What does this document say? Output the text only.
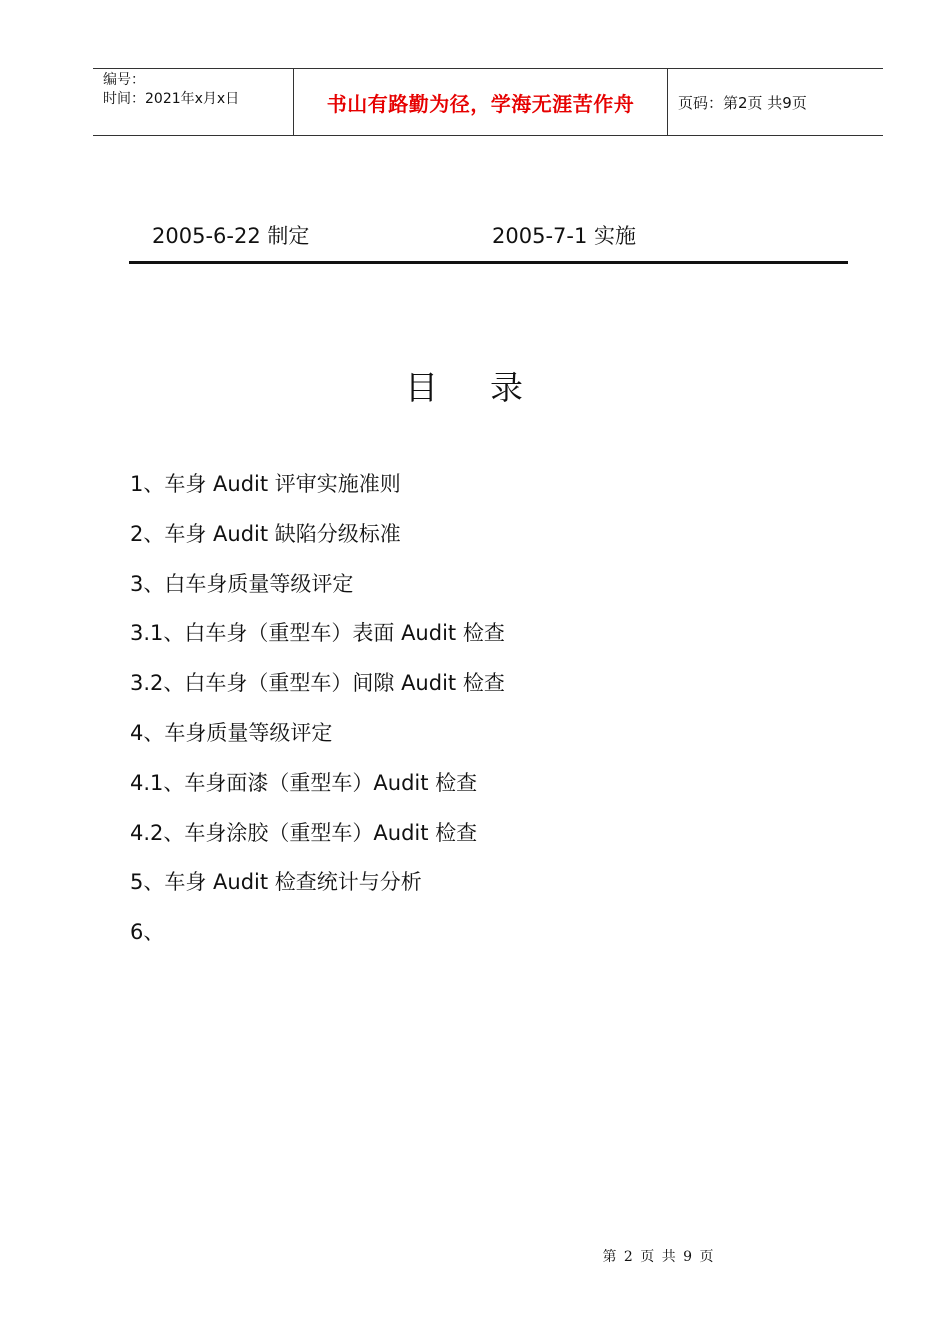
编号：
时间：2021年x月x日	书山有路勤为径，学海无涯苦作舟	页码：第2页 共9页
2005-6-22 制定	2005-7-1 实施
目录
1、车身 Audit 评审实施准则
2、车身 Audit 缺陷分级标准
3、白车身质量等级评定
3.1、白车身（重型车）表面 Audit 检查
3.2、白车身（重型车）间隙 Audit 检查
4、车身质量等级评定
4.1、车身面漆（重型车）Audit 检查
4.2、车身涂胶（重型车）Audit 检查
5、车身 Audit 检查统计与分析
6、
第 2 页 共 9 页
